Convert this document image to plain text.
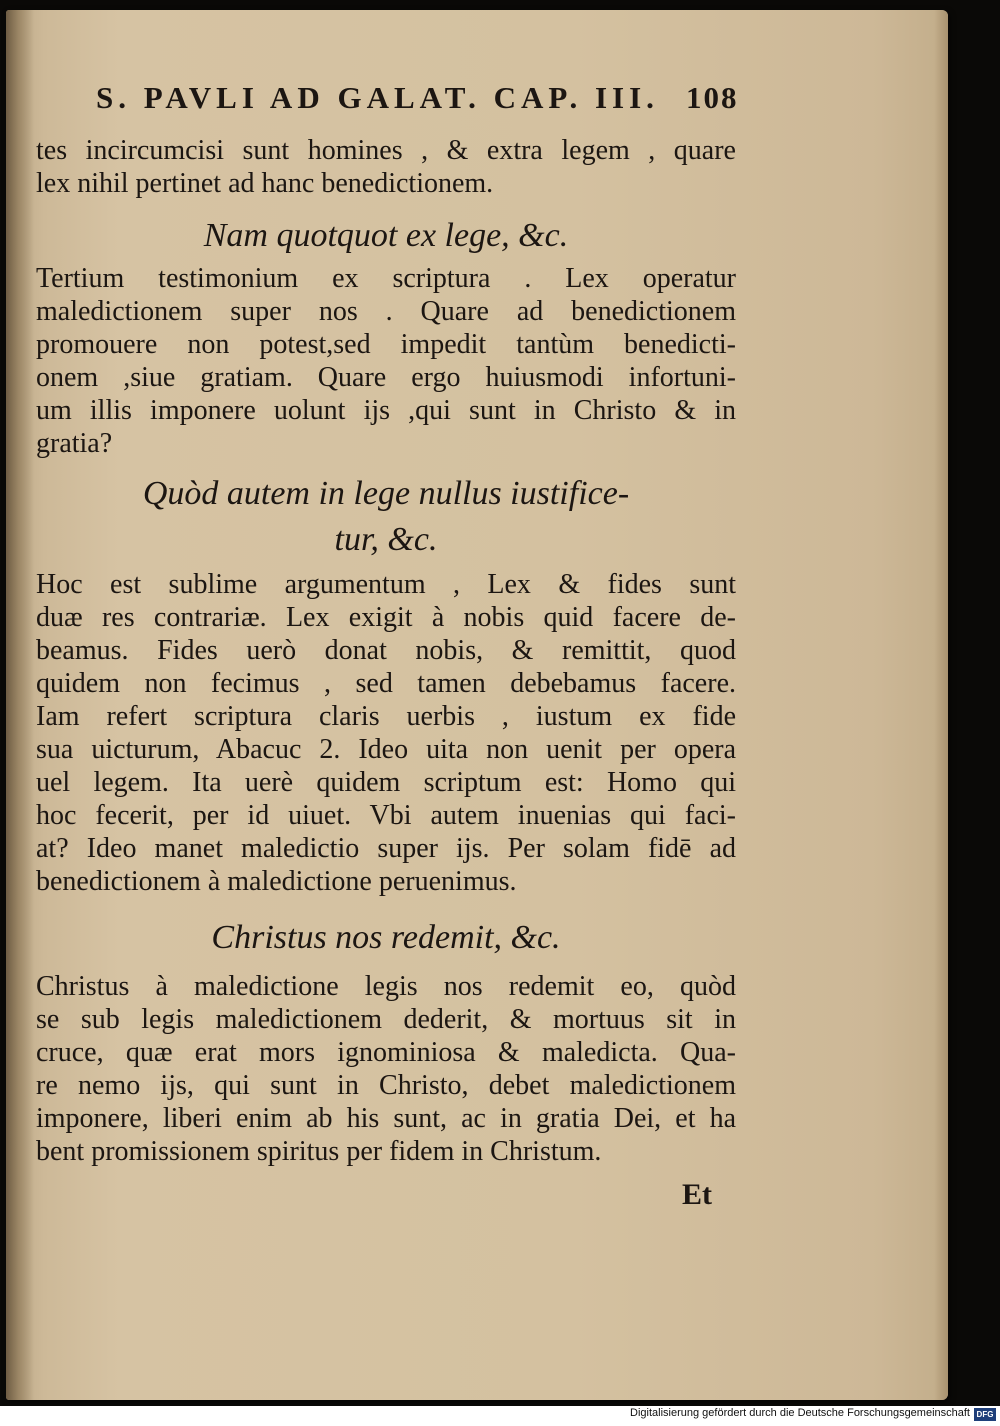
S. PAVLI AD GALAT. CAP. III. 108
tes incircumcisi sunt homines , & extra legem , quare
lex nihil pertinet ad hanc benedictionem.
Nam quotquot ex lege, &c.
Tertium testimonium ex scriptura . Lex operatur
maledictionem super nos . Quare ad benedictionem
promouere non potest,sed impedit tantùm benedicti-
onem ,siue gratiam. Quare ergo huiusmodi infortuni-
um illis imponere uolunt ijs ,qui sunt in Christo & in
gratia?
Quòd autem in lege nullus iustifice-
tur, &c.
Hoc est sublime argumentum , Lex & fides sunt
duæ res contrariæ. Lex exigit à nobis quid facere de-
beamus. Fides uerò donat nobis, & remittit, quod
quidem non fecimus , sed tamen debebamus facere.
Iam refert scriptura claris uerbis , iustum ex fide
sua uicturum, Abacuc 2. Ideo uita non uenit per opera
uel legem. Ita uerè quidem scriptum est: Homo qui
hoc fecerit, per id uiuet. Vbi autem inuenias qui faci-
at? Ideo manet maledictio super ijs. Per solam fidē ad
benedictionem à maledictione peruenimus.
Christus nos redemit, &c.
Christus à maledictione legis nos redemit eo, quòd
se sub legis maledictionem dederit, & mortuus sit in
cruce, quæ erat mors ignominiosa & maledicta. Qua-
re nemo ijs, qui sunt in Christo, debet maledictionem
imponere, liberi enim ab his sunt, ac in gratia Dei, et ha
bent promissionem spiritus per fidem in Christum.
Et
Digitalisierung gefördert durch die Deutsche Forschungsgemeinschaft DFG
